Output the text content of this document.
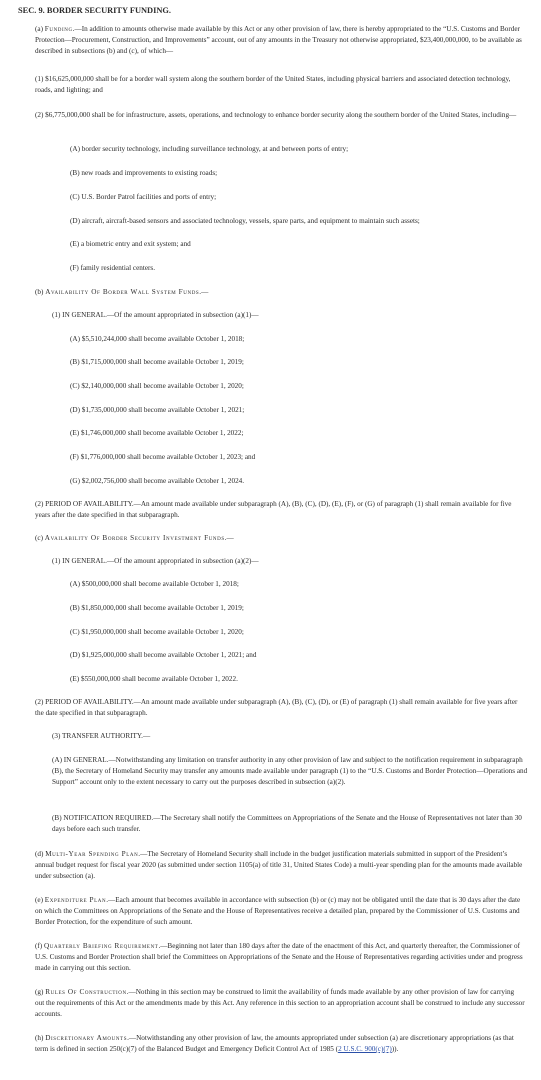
SEC. 9. BORDER SECURITY FUNDING.
(a) Funding.—In addition to amounts otherwise made available by this Act or any other provision of law, there is hereby appropriated to the “U.S. Customs and Border Protection—Procurement, Construction, and Improvements” account, out of any amounts in the Treasury not otherwise appropriated, $23,400,000,000, to be available as described in subsections (b) and (c), of which—
(1) $16,625,000,000 shall be for a border wall system along the southern border of the United States, including physical barriers and associated detection technology, roads, and lighting; and
(2) $6,775,000,000 shall be for infrastructure, assets, operations, and technology to enhance border security along the southern border of the United States, including—
(A) border security technology, including surveillance technology, at and between ports of entry;
(B) new roads and improvements to existing roads;
(C) U.S. Border Patrol facilities and ports of entry;
(D) aircraft, aircraft-based sensors and associated technology, vessels, spare parts, and equipment to maintain such assets;
(E) a biometric entry and exit system; and
(F) family residential centers.
(b) Availability Of Border Wall System Funds.—
(1) IN GENERAL.—Of the amount appropriated in subsection (a)(1)—
(A) $5,510,244,000 shall become available October 1, 2018;
(B) $1,715,000,000 shall become available October 1, 2019;
(C) $2,140,000,000 shall become available October 1, 2020;
(D) $1,735,000,000 shall become available October 1, 2021;
(E) $1,746,000,000 shall become available October 1, 2022;
(F) $1,776,000,000 shall become available October 1, 2023; and
(G) $2,002,756,000 shall become available October 1, 2024.
(2) PERIOD OF AVAILABILITY.—An amount made available under subparagraph (A), (B), (C), (D), (E), (F), or (G) of paragraph (1) shall remain available for five years after the date specified in that subparagraph.
(c) Availability Of Border Security Investment Funds.—
(1) IN GENERAL.—Of the amount appropriated in subsection (a)(2)—
(A) $500,000,000 shall become available October 1, 2018;
(B) $1,850,000,000 shall become available October 1, 2019;
(C) $1,950,000,000 shall become available October 1, 2020;
(D) $1,925,000,000 shall become available October 1, 2021; and
(E) $550,000,000 shall become available October 1, 2022.
(2) PERIOD OF AVAILABILITY.—An amount made available under subparagraph (A), (B), (C), (D), or (E) of paragraph (1) shall remain available for five years after the date specified in that subparagraph.
(3) TRANSFER AUTHORITY.—
(A) IN GENERAL.—Notwithstanding any limitation on transfer authority in any other provision of law and subject to the notification requirement in subparagraph (B), the Secretary of Homeland Security may transfer any amounts made available under paragraph (1) to the “U.S. Customs and Border Protection—Operations and Support” account only to the extent necessary to carry out the purposes described in subsection (a)(2).
(B) NOTIFICATION REQUIRED.—The Secretary shall notify the Committees on Appropriations of the Senate and the House of Representatives not later than 30 days before each such transfer.
(d) Multi-Year Spending Plan.—The Secretary of Homeland Security shall include in the budget justification materials submitted in support of the President’s annual budget request for fiscal year 2020 (as submitted under section 1105(a) of title 31, United States Code) a multi-year spending plan for the amounts made available under subsection (a).
(e) Expenditure Plan.—Each amount that becomes available in accordance with subsection (b) or (c) may not be obligated until the date that is 30 days after the date on which the Committees on Appropriations of the Senate and the House of Representatives receive a detailed plan, prepared by the Commissioner of U.S. Customs and Border Protection, for the expenditure of such amount.
(f) Quarterly Briefing Requirement.—Beginning not later than 180 days after the date of the enactment of this Act, and quarterly thereafter, the Commissioner of U.S. Customs and Border Protection shall brief the Committees on Appropriations of the Senate and the House of Representatives regarding activities under and progress made in carrying out this section.
(g) Rules Of Construction.—Nothing in this section may be construed to limit the availability of funds made available by any other provision of law for carrying out the requirements of this Act or the amendments made by this Act. Any reference in this section to an appropriation account shall be construed to include any successor accounts.
(h) Discretionary Amounts.—Notwithstanding any other provision of law, the amounts appropriated under subsection (a) are discretionary appropriations (as that term is defined in section 250(c)(7) of the Balanced Budget and Emergency Deficit Control Act of 1985 (2 U.S.C. 900(c)(7))).
